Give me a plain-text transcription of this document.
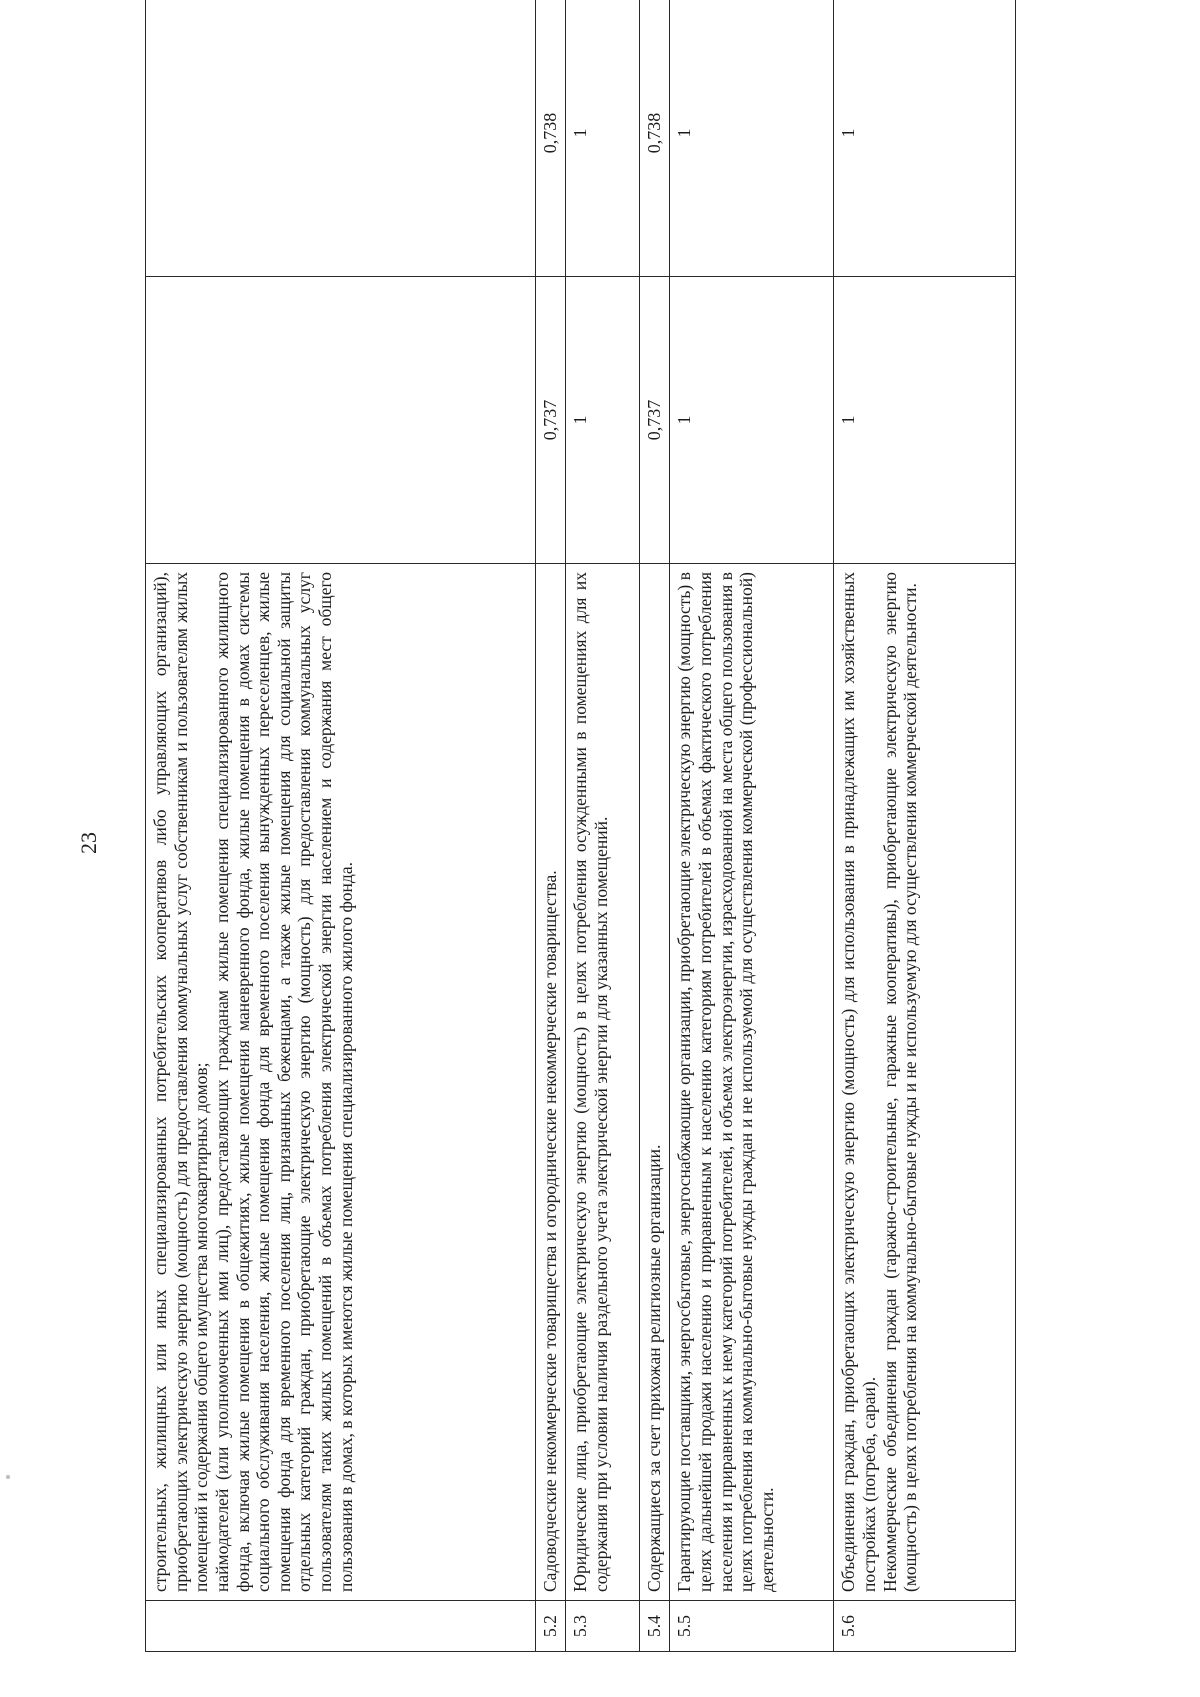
23

	строительных, жилищных или иных специализированных потребительских кооперативов либо управляющих организаций), приобретающих электрическую энергию (мощность) для предоставления коммунальных услуг собственникам и пользователям жилых помещений и содержания общего имущества многоквартирных домов; наймодателей (или уполномоченных ими лиц), предоставляющих гражданам жилые помещения специализированного жилищного фонда, включая жилые помещения в общежитиях, жилые помещения маневренного фонда, жилые помещения в домах системы социального обслуживания населения, жилые помещения фонда для временного поселения вынужденных переселенцев, жилые помещения фонда для временного поселения лиц, признанных беженцами, а также жилые помещения для социальной защиты отдельных категорий граждан, приобретающие электрическую энергию (мощность) для предоставления коммунальных услуг пользователям таких жилых помещений в объемах потребления электрической энергии населением и содержания мест общего пользования в домах, в которых имеются жилые помещения специализированного жилого фонда.		

5.2	Садоводческие некоммерческие товарищества и огороднические некоммерческие товарищества.	0,737	0,738
5.3	Юридические лица, приобретающие электрическую энергию (мощность) в целях потребления осужденными в помещениях для их содержания при условии наличия раздельного учета электрической энергии для указанных помещений.	1	1
5.4	Содержащиеся за счет прихожан религиозные организации.	0,737	0,738
5.5	Гарантирующие поставщики, энергосбытовые, энергоснабжающие организации, приобретающие электрическую энергию (мощность) в целях дальнейшей продажи населению и приравненным к населению категориям потребителей в объемах фактического потребления населения и приравненных к нему категорий потребителей, и объемах электроэнергии, израсходованной на места общего пользования в целях потребления на коммунально-бытовые нужды граждан и не используемой для осуществления коммерческой (профессиональной) деятельности.	1	1
5.6	Объединения граждан, приобретающих электрическую энергию (мощность) для использования в принадлежащих им хозяйственных постройках (погреба, сараи). Некоммерческие объединения граждан (гаражно-строительные, гаражные кооперативы), приобретающие электрическую энергию (мощность) в целях потребления на коммунально-бытовые нужды и не используемую для осуществления коммерческой деятельности.	1	1
